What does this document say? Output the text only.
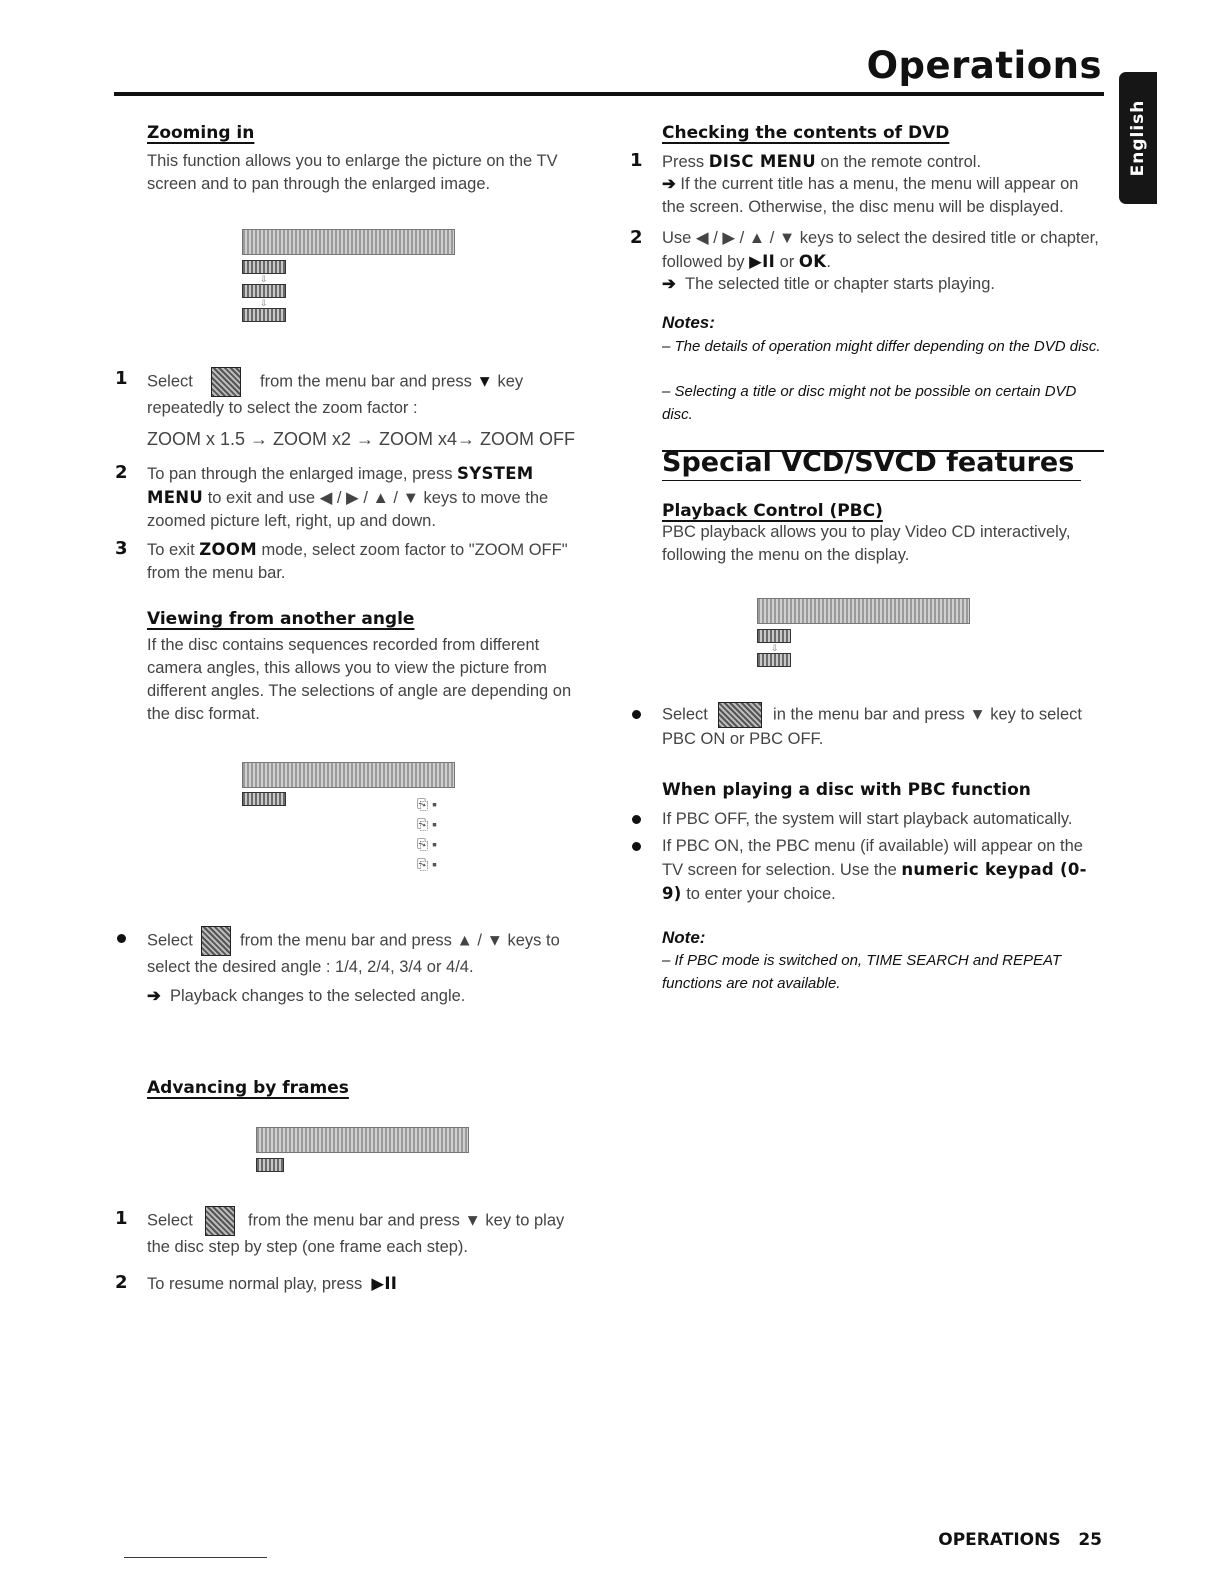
Operations
English
Zooming in
This function allows you to enlarge the picture on the TV screen and to pan through the enlarged image.
⇩
⇩
1 Select	from the menu bar and press ▼ key repeatedly to select the zoom factor :
ZOOM x 1.5 → ZOOM x2 → ZOOM x4→ ZOOM OFF
2 To pan through the enlarged image, press SYSTEM MENU to exit and use ◀ / ▶ / ▲ / ▼ keys to move the zoomed picture left, right, up and down.
3 To exit ZOOM mode, select zoom factor to "ZOOM OFF" from the menu bar.
Viewing from another angle
If the disc contains sequences recorded from different camera angles, this allows you to view the picture from different angles. The selections of angle are depending on the disc format.
⎘ ▪
⎘ ▪
⎘ ▪
⎘ ▪
Select	from the menu bar and press ▲ / ▼ keys to select the desired angle : 1/4, 2/4, 3/4 or 4/4.
➔ Playback changes to the selected angle.
Advancing by frames
1 Select	from the menu bar and press ▼ key to play the disc step by step (one frame each step).
2 To resume normal play, press ▶II
Checking the contents of DVD
1 Press DISC MENU on the remote control.
➔ If the current title has a menu, the menu will appear on the screen. Otherwise, the disc menu will be displayed.
2 Use ◀ / ▶ / ▲ / ▼ keys to select the desired title or chapter, followed by ▶II or OK.
➔ The selected title or chapter starts playing.
Notes:
– The details of operation might differ depending on the DVD disc.
– Selecting a title or disc might not be possible on certain DVD disc.
Special VCD/SVCD features
Playback Control (PBC)
PBC playback allows you to play Video CD interactively, following the menu on the display.
⇩
Select	in the menu bar and press ▼ key to select PBC ON or PBC OFF.
When playing a disc with PBC function
If PBC OFF, the system will start playback automatically.
If PBC ON, the PBC menu (if available) will appear on the TV screen for selection. Use the numeric keypad (0-9) to enter your choice.
Note:
– If PBC mode is switched on, TIME SEARCH and REPEAT functions are not available.
OPERATIONS 25
